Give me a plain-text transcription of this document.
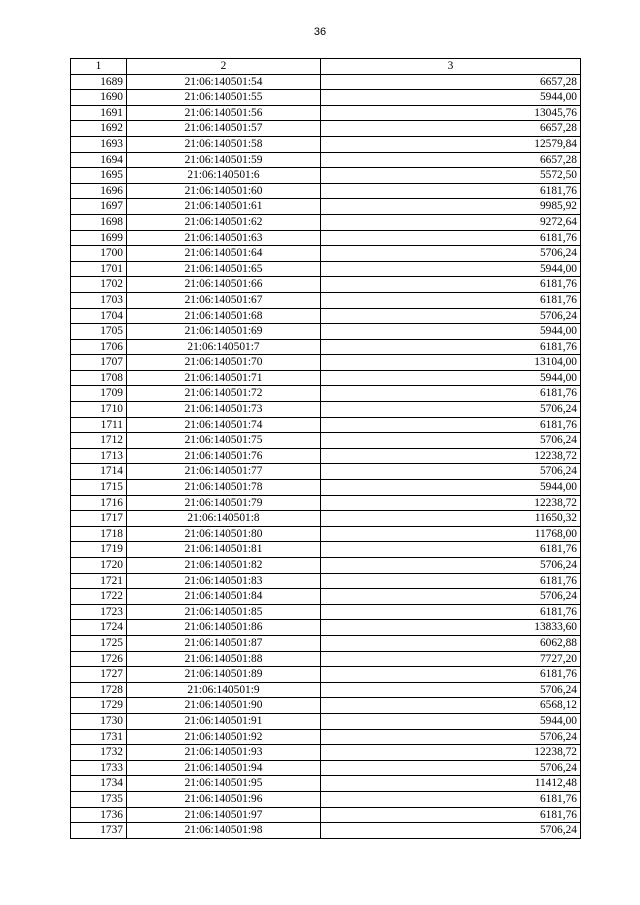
36
1	2	3
1689	21:06:140501:54	6657,28
1690	21:06:140501:55	5944,00
1691	21:06:140501:56	13045,76
1692	21:06:140501:57	6657,28
1693	21:06:140501:58	12579,84
1694	21:06:140501:59	6657,28
1695	21:06:140501:6	5572,50
1696	21:06:140501:60	6181,76
1697	21:06:140501:61	9985,92
1698	21:06:140501:62	9272,64
1699	21:06:140501:63	6181,76
1700	21:06:140501:64	5706,24
1701	21:06:140501:65	5944,00
1702	21:06:140501:66	6181,76
1703	21:06:140501:67	6181,76
1704	21:06:140501:68	5706,24
1705	21:06:140501:69	5944,00
1706	21:06:140501:7	6181,76
1707	21:06:140501:70	13104,00
1708	21:06:140501:71	5944,00
1709	21:06:140501:72	6181,76
1710	21:06:140501:73	5706,24
1711	21:06:140501:74	6181,76
1712	21:06:140501:75	5706,24
1713	21:06:140501:76	12238,72
1714	21:06:140501:77	5706,24
1715	21:06:140501:78	5944,00
1716	21:06:140501:79	12238,72
1717	21:06:140501:8	11650,32
1718	21:06:140501:80	11768,00
1719	21:06:140501:81	6181,76
1720	21:06:140501:82	5706,24
1721	21:06:140501:83	6181,76
1722	21:06:140501:84	5706,24
1723	21:06:140501:85	6181,76
1724	21:06:140501:86	13833,60
1725	21:06:140501:87	6062,88
1726	21:06:140501:88	7727,20
1727	21:06:140501:89	6181,76
1728	21:06:140501:9	5706,24
1729	21:06:140501:90	6568,12
1730	21:06:140501:91	5944,00
1731	21:06:140501:92	5706,24
1732	21:06:140501:93	12238,72
1733	21:06:140501:94	5706,24
1734	21:06:140501:95	11412,48
1735	21:06:140501:96	6181,76
1736	21:06:140501:97	6181,76
1737	21:06:140501:98	5706,24
